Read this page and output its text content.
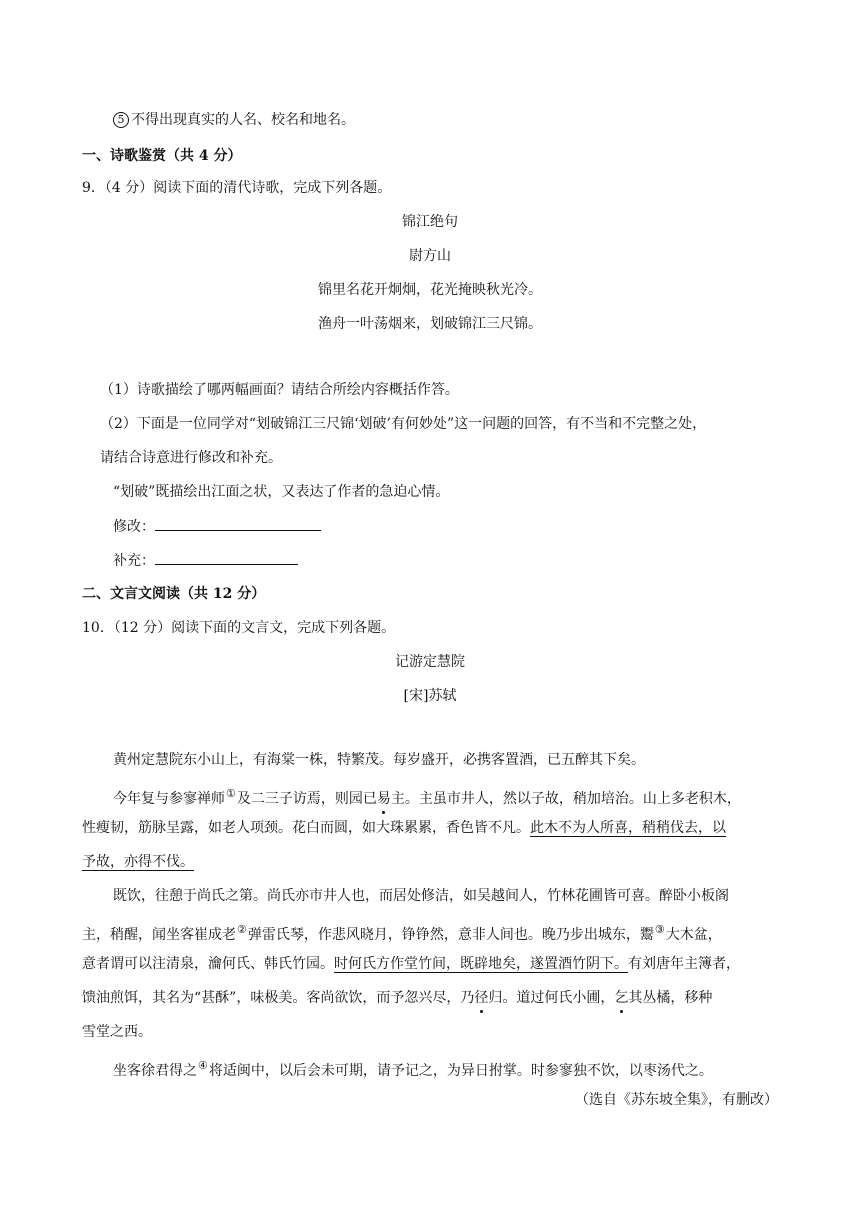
5 不得出现真实的人名、校名和地名。
一、诗歌鉴赏（共 4 分）
9．（4 分）阅读下面的清代诗歌，完成下列各题。
锦江绝句
尉方山
锦里名花开炯炯，花光掩映秋光冷。
渔舟一叶荡烟来，划破锦江三尺锦。
（1）诗歌描绘了哪两幅画面？请结合所绘内容概括作答。
（2）下面是一位同学对“划破锦江三尺锦‘划破’有何妙处”这一问题的回答，有不当和不完整之处，
请结合诗意进行修改和补充。
“划破”既描绘出江面之状，又表达了作者的急迫心情。
修改：
补充：
二、文言文阅读（共 12 分）
10．（12 分）阅读下面的文言文，完成下列各题。
记游定慧院
[宋]苏轼
黄州定慧院东小山上，有海棠一株，特繁茂。每岁盛开，必携客置酒，已五醉其下矣。
今年复与参寥禅师①及二三子访焉，则园已易主。主虽市井人，然以子故，稍加培治。山上多老积木，
性瘦韧，筋脉呈露，如老人项颈。花白而圆，如大珠累累，香色皆不凡。此木不为人所喜，稍稍伐去，以
予故，亦得不伐。
既饮，往憩于尚氏之第。尚氏亦市井人也，而居处修洁，如吴越间人，竹林花圃皆可喜。醉卧小板阁
主，稍醒，闻坐客崔成老②弹雷氏琴，作悲风晓月，铮铮然，意非人间也。晚乃步出城东，鬻③大木盆，
意者谓可以注清泉，瀹何氏、韩氏竹园。时何氏方作堂竹间，既辟地矣，遂置酒竹阴下。有刘唐年主簿者，
馈油煎饵，其名为“甚酥”，味极美。客尚欲饮，而予忽兴尽，乃径归。道过何氏小圃，乞其丛橘，移种
雪堂之西。
坐客徐君得之④将适闽中，以后会未可期，请予记之，为异日拊掌。时参寥独不饮，以枣汤代之。
（选自《苏东坡全集》，有删改）
